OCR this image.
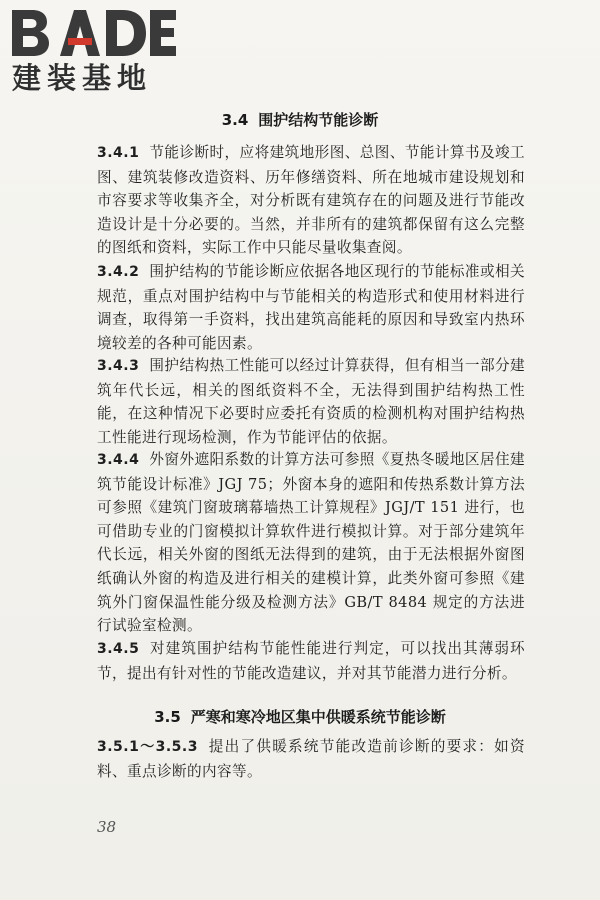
建装基地
3.4 围护结构节能诊断
3.4.1 节能诊断时，应将建筑地形图、总图、节能计算书及竣工图、建筑装修改造资料、历年修缮资料、所在地城市建设规划和市容要求等收集齐全，对分析既有建筑存在的问题及进行节能改造设计是十分必要的。当然，并非所有的建筑都保留有这么完整的图纸和资料，实际工作中只能尽量收集查阅。
3.4.2 围护结构的节能诊断应依据各地区现行的节能标准或相关规范，重点对围护结构中与节能相关的构造形式和使用材料进行调查，取得第一手资料，找出建筑高能耗的原因和导致室内热环境较差的各种可能因素。
3.4.3 围护结构热工性能可以经过计算获得，但有相当一部分建筑年代长远，相关的图纸资料不全，无法得到围护结构热工性能，在这种情况下必要时应委托有资质的检测机构对围护结构热工性能进行现场检测，作为节能评估的依据。
3.4.4 外窗外遮阳系数的计算方法可参照《夏热冬暖地区居住建筑节能设计标准》JGJ 75；外窗本身的遮阳和传热系数计算方法可参照《建筑门窗玻璃幕墙热工计算规程》JGJ/T 151 进行，也可借助专业的门窗模拟计算软件进行模拟计算。对于部分建筑年代长远，相关外窗的图纸无法得到的建筑，由于无法根据外窗图纸确认外窗的构造及进行相关的建模计算，此类外窗可参照《建筑外门窗保温性能分级及检测方法》GB/T 8484 规定的方法进行试验室检测。
3.4.5 对建筑围护结构节能性能进行判定，可以找出其薄弱环节，提出有针对性的节能改造建议，并对其节能潜力进行分析。
3.5 严寒和寒冷地区集中供暖系统节能诊断
3.5.1～3.5.3 提出了供暖系统节能改造前诊断的要求：如资料、重点诊断的内容等。
38
